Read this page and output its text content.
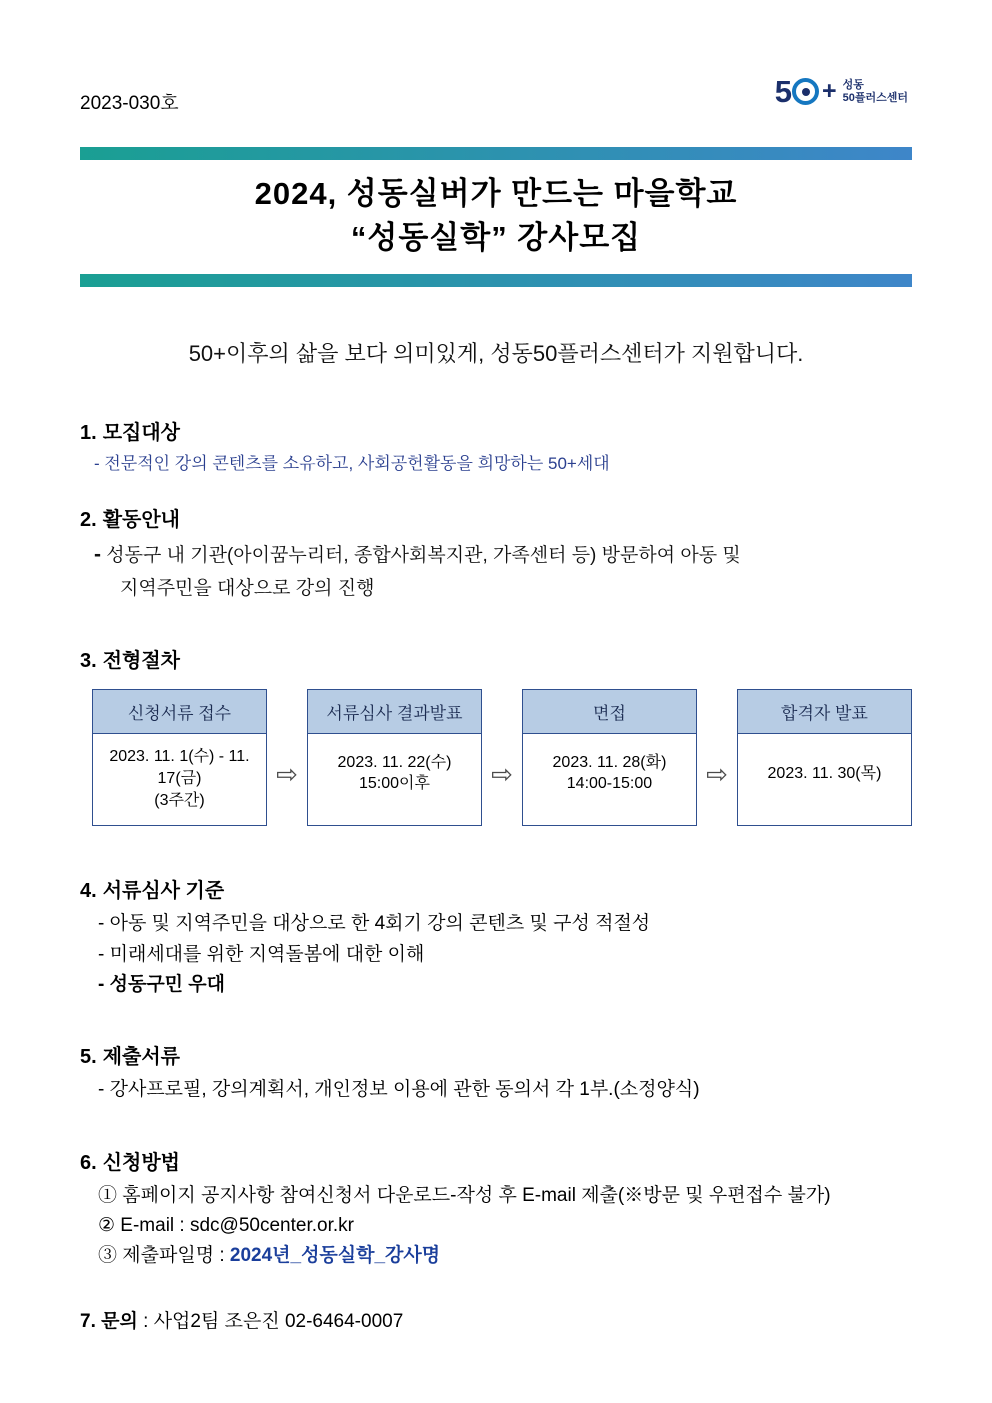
2023-030호	5 + 성동
50플러스센터
2024, 성동실버가 만드는 마을학교
“성동실학” 강사모집
50+이후의 삶을 보다 의미있게, 성동50플러스센터가 지원합니다.
1. 모집대상
- 전문적인 강의 콘텐츠를 소유하고, 사회공헌활동을 희망하는 50+세대
2. 활동안내
- 성동구 내 기관(아이꿈누리터, 종합사회복지관, 가족센터 등) 방문하여 아동 및
지역주민을 대상으로 강의 진행
3. 전형절차
신청서류 접수
2023. 11. 1(수) - 11. 17(금)
(3주간)
⇨
서류심사 결과발표
2023. 11. 22(수)
15:00이후	⇨
면접
2023. 11. 28(화)
14:00-15:00	⇨
합격자 발표
2023. 11. 30(목)
4. 서류심사 기준
- 아동 및 지역주민을 대상으로 한 4회기 강의 콘텐츠 및 구성 적절성
- 미래세대를 위한 지역돌봄에 대한 이해
- 성동구민 우대
5. 제출서류
- 강사프로필, 강의계획서, 개인정보 이용에 관한 동의서 각 1부.(소정양식)
6. 신청방법
① 홈페이지 공지사항 참여신청서 다운로드-작성 후 E-mail 제출(※방문 및 우편접수 불가)
② E-mail : sdc@50center.or.kr
③ 제출파일명 : 2024년_성동실학_강사명
7. 문의 : 사업2팀 조은진 02-6464-0007
